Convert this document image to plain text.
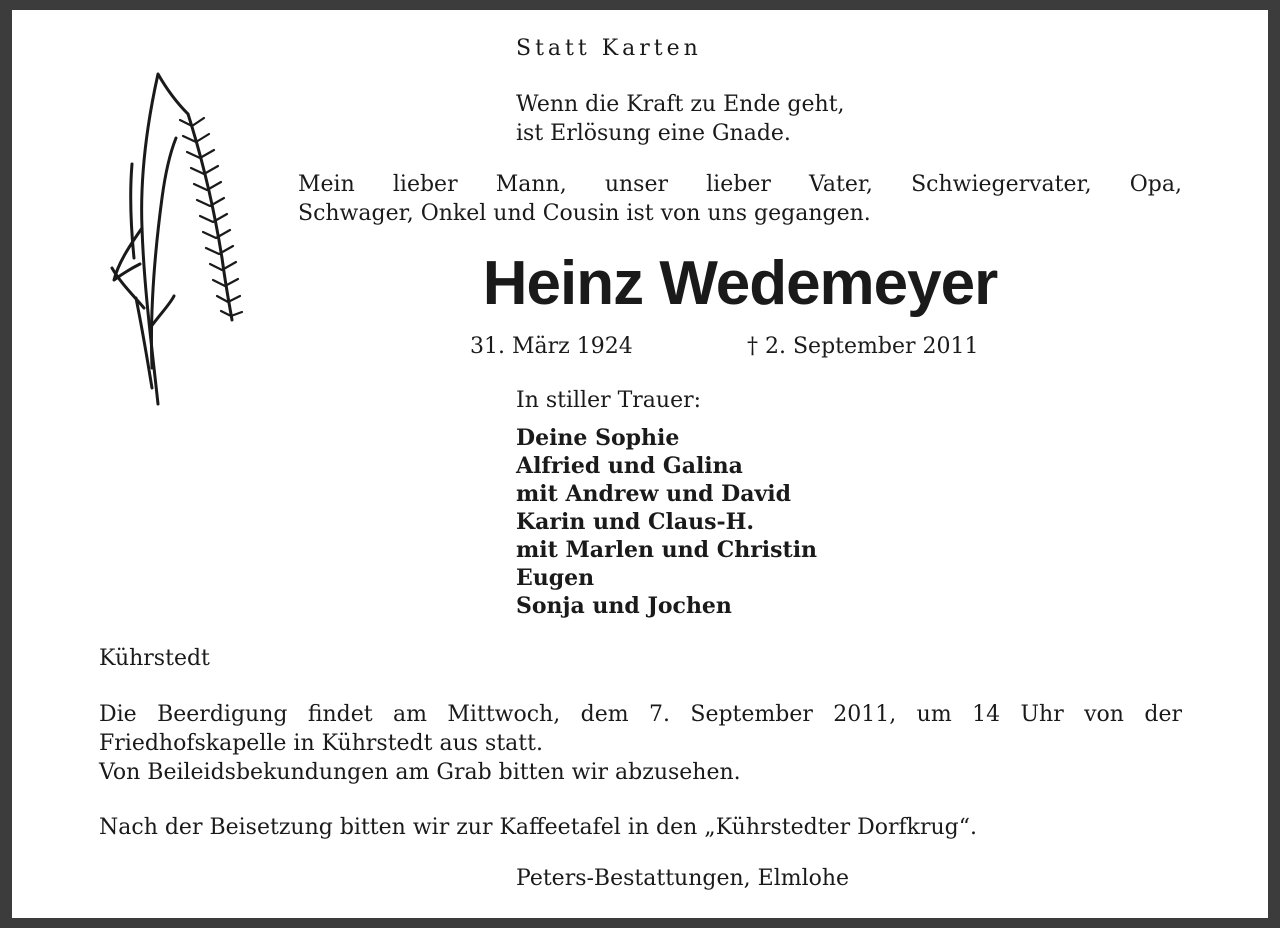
Statt Karten

Wenn die Kraft zu Ende geht,
ist Erlösung eine Gnade.

Mein lieber Mann, unser lieber Vater, Schwiegervater, Opa,
Schwager, Onkel und Cousin ist von uns gegangen.

Heinz Wedemeyer

31. März 1924	† 2. September 2011

In stiller Trauer:

Deine Sophie
Alfried und Galina
mit Andrew und David
Karin und Claus-H.
mit Marlen und Christin
Eugen
Sonja und Jochen

Kührstedt

Die Beerdigung findet am Mittwoch, dem 7. September 2011, um 14 Uhr von der
Friedhofskapelle in Kührstedt aus statt.

Von Beileidsbekundungen am Grab bitten wir abzusehen.

Nach der Beisetzung bitten wir zur Kaffeetafel in den „Kührstedter Dorfkrug“.

Peters-Bestattungen, Elmlohe
